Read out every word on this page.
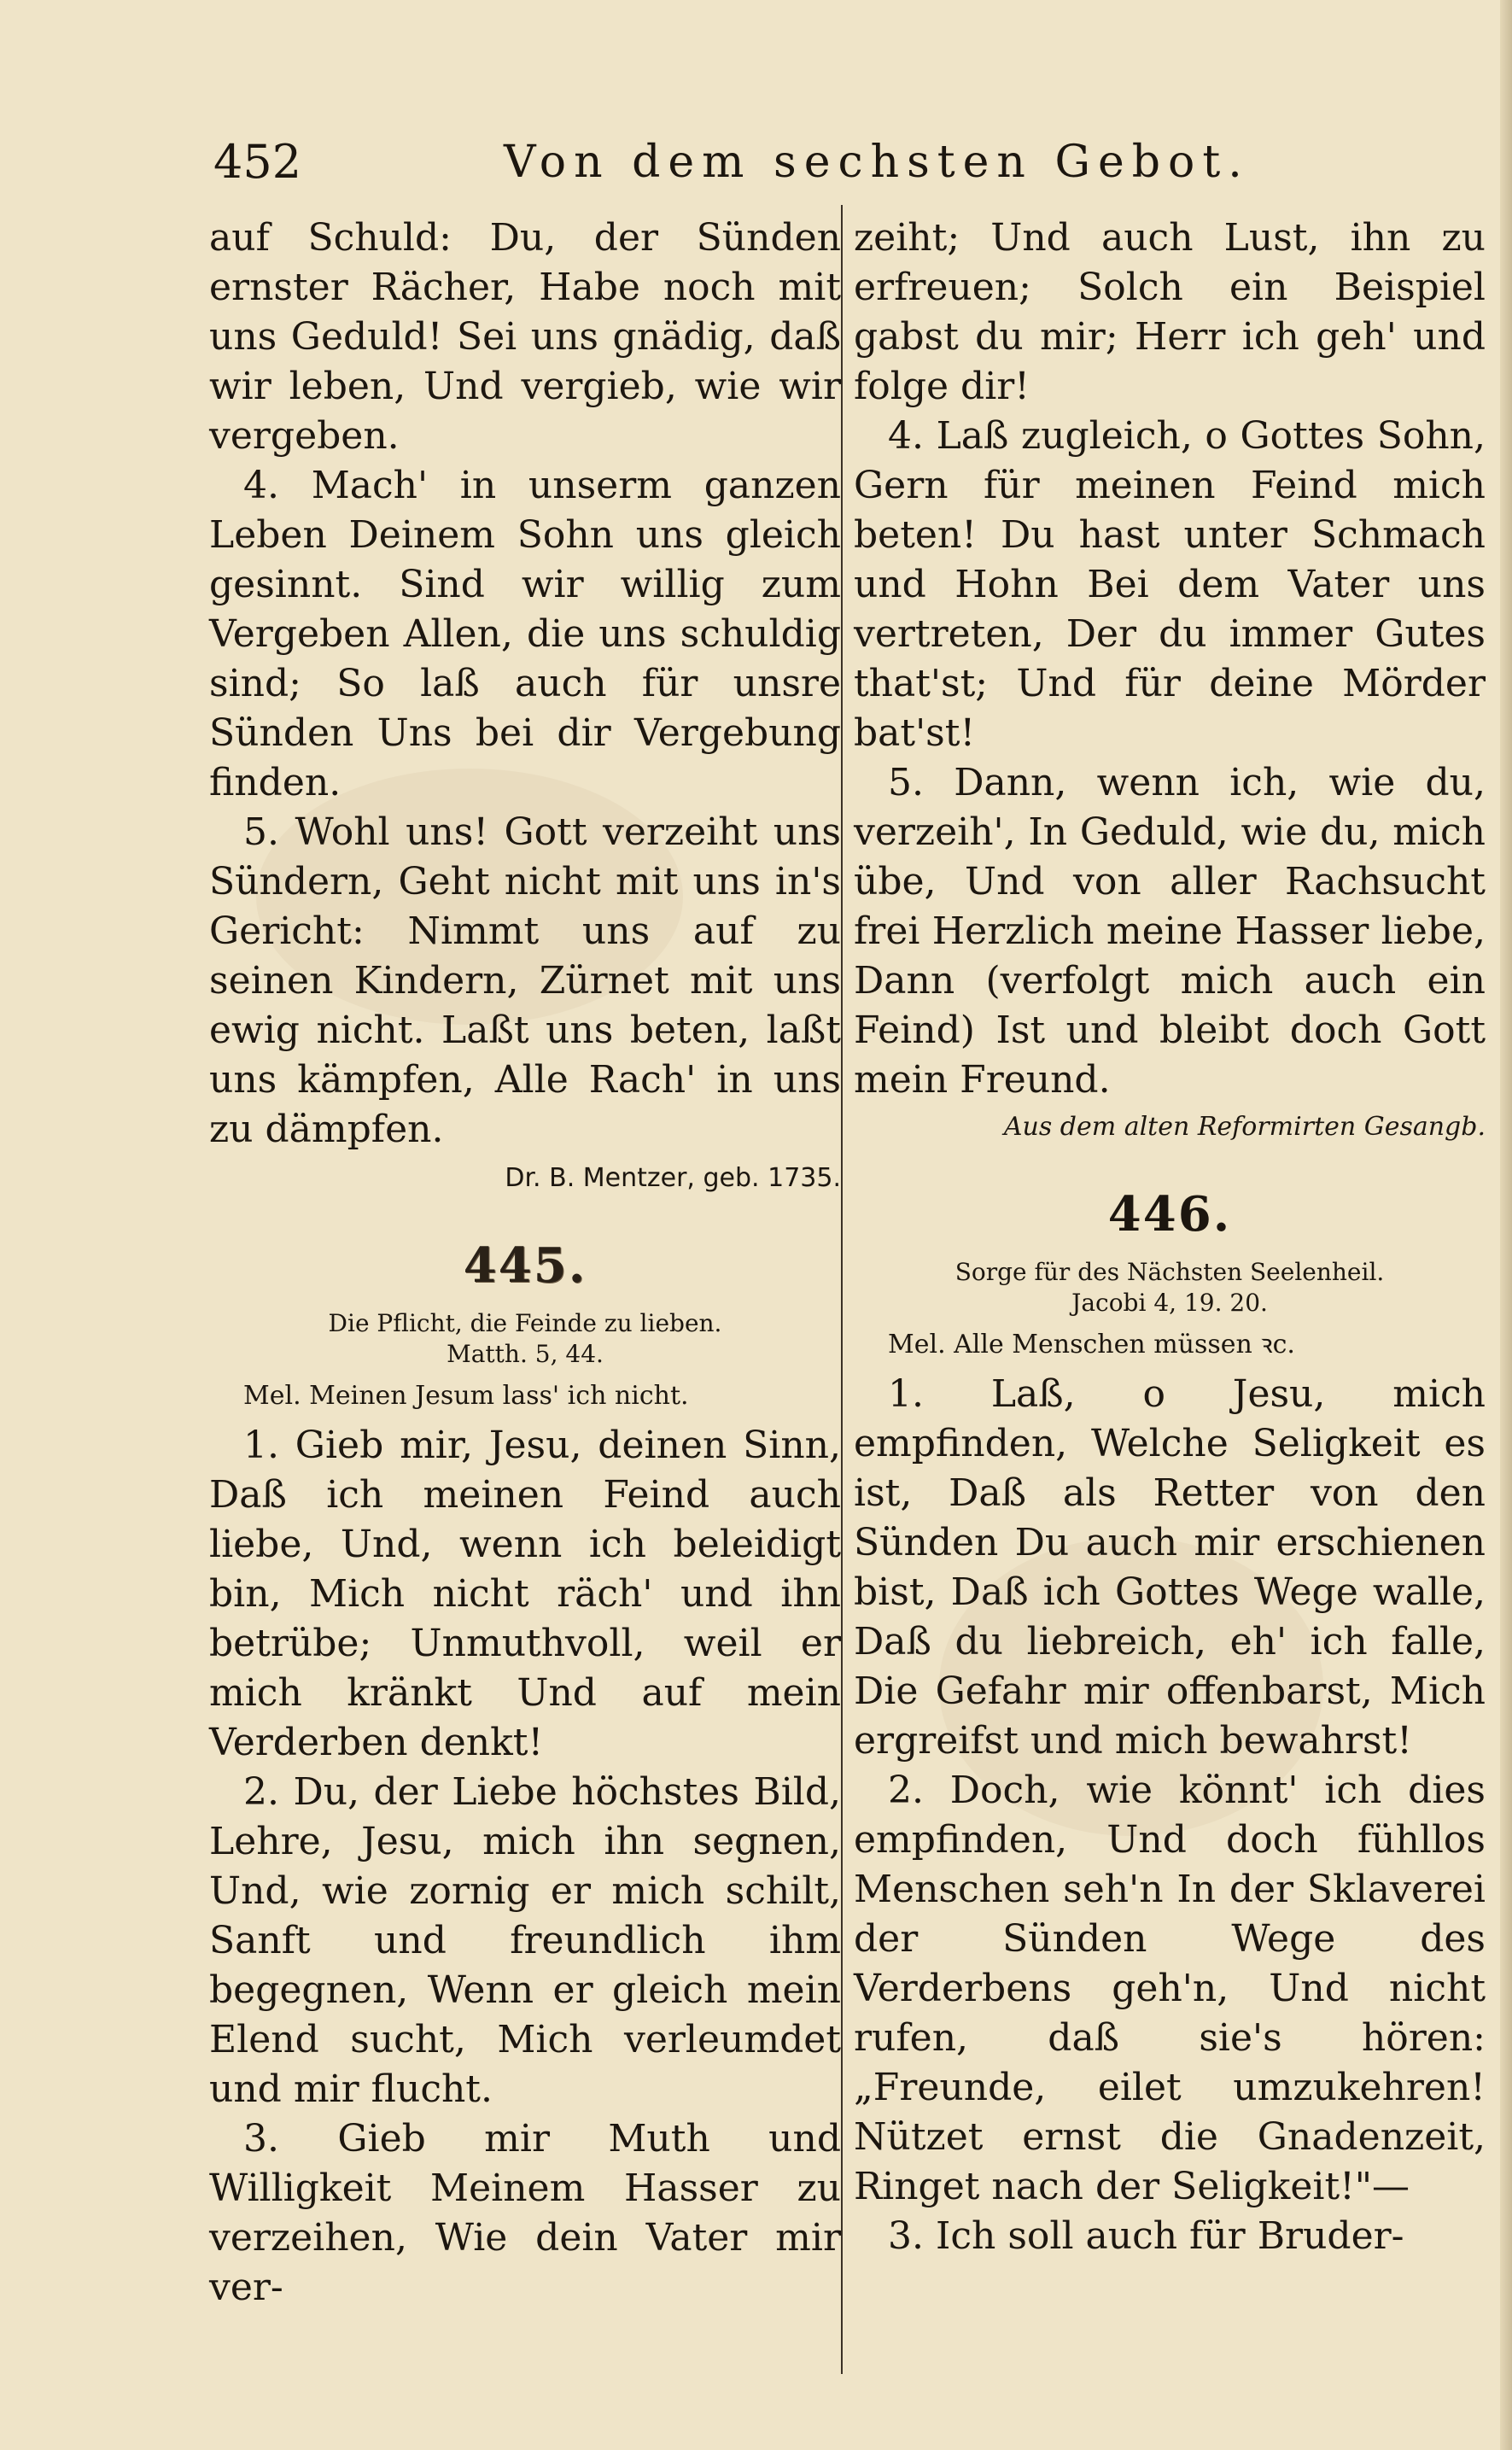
452	Von dem sechsten Gebot.

auf Schuld: Du, der Sünden ernster Rächer, Habe noch mit uns Geduld! Sei uns gnädig, daß wir leben, Und vergieb, wie wir vergeben.

4. Mach' in unserm ganzen Leben Deinem Sohn uns gleich gesinnt. Sind wir willig zum Vergeben Allen, die uns schuldig sind; So laß auch für unsre Sünden Uns bei dir Vergebung finden.

5. Wohl uns! Gott verzeiht uns Sündern, Geht nicht mit uns in's Gericht: Nimmt uns auf zu seinen Kindern, Zürnet mit uns ewig nicht. Laßt uns beten, laßt uns kämpfen, Alle Rach' in uns zu dämpfen.

Dr. B. Mentzer, geb. 1735.
445.
Die Pflicht, die Feinde zu lieben.
Matth. 5, 44.
Mel. Meinen Jesum lass' ich nicht.

1. Gieb mir, Jesu, deinen Sinn, Daß ich meinen Feind auch liebe, Und, wenn ich beleidigt bin, Mich nicht räch' und ihn betrübe; Unmuthvoll, weil er mich kränkt Und auf mein Verderben denkt!

2. Du, der Liebe höchstes Bild, Lehre, Jesu, mich ihn segnen, Und, wie zornig er mich schilt, Sanft und freundlich ihm begegnen, Wenn er gleich mein Elend sucht, Mich verleumdet und mir flucht.

3. Gieb mir Muth und Willigkeit Meinem Hasser zu verzeihen, Wie dein Vater mir ver-

zeiht; Und auch Lust, ihn zu erfreuen; Solch ein Beispiel gabst du mir; Herr ich geh' und folge dir!

4. Laß zugleich, o Gottes Sohn, Gern für meinen Feind mich beten! Du hast unter Schmach und Hohn Bei dem Vater uns vertreten, Der du immer Gutes that'st; Und für deine Mörder bat'st!

5. Dann, wenn ich, wie du, verzeih', In Geduld, wie du, mich übe, Und von aller Rachsucht frei Herzlich meine Hasser liebe, Dann (verfolgt mich auch ein Feind) Ist und bleibt doch Gott mein Freund.

Aus dem alten Reformirten Gesangb.
446.
Sorge für des Nächsten Seelenheil.
Jacobi 4, 19. 20.
Mel. Alle Menschen müssen ꝛc.

1. Laß, o Jesu, mich empfinden, Welche Seligkeit es ist, Daß als Retter von den Sünden Du auch mir erschienen bist, Daß ich Gottes Wege walle, Daß du liebreich, eh' ich falle, Die Gefahr mir offenbarst, Mich ergreifst und mich bewahrst!

2. Doch, wie könnt' ich dies empfinden, Und doch fühllos Menschen seh'n In der Sklaverei der Sünden Wege des Verderbens geh'n, Und nicht rufen, daß sie's hören: „Freunde, eilet umzukehren! Nützet ernst die Gnadenzeit, Ringet nach der Seligkeit!"—

3. Ich soll auch für Bruder-
